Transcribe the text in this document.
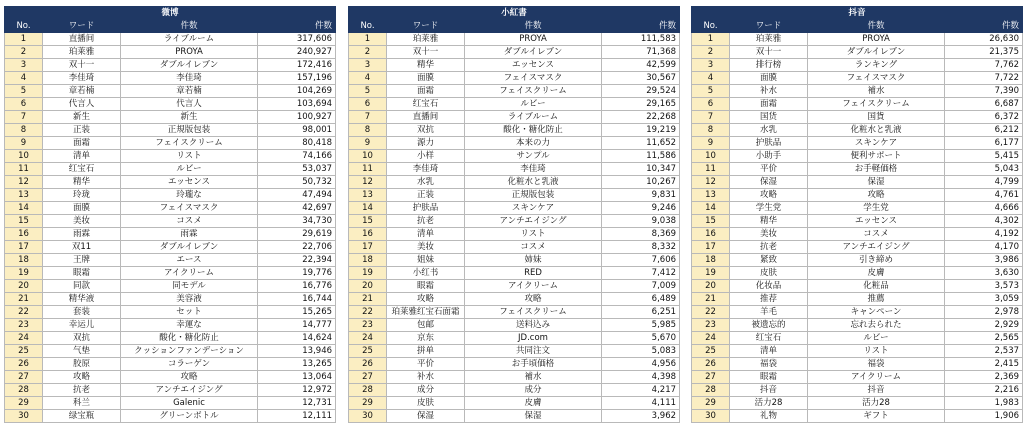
微博			
No.	ワード	件数	件数
1	直播间	ライブルーム	317,606
2	珀莱雅	PROYA	240,927
3	双十一	ダブルイレブン	172,416
4	李佳琦	李佳琦	157,196
5	章若楠	章若楠	104,269
6	代言人	代言人	103,694
7	新生	新生	100,927
8	正装	正規版包装	98,001
9	面霜	フェイスクリーム	80,418
10	清单	リスト	74,166
11	红宝石	ルビー	53,037
12	精华	エッセンス	50,732
13	玲珑	玲瓏な	47,494
14	面膜	フェイスマスク	42,697
15	美妆	コスメ	34,730
16	雨霖	雨霖	29,619
17	双11	ダブルイレブン	22,706
18	王牌	エース	22,394
19	眼霜	アイクリーム	19,776
20	同款	同モデル	16,776
21	精华液	美容液	16,744
22	套装	セット	15,265
23	幸运儿	幸運な	14,777
24	双抗	酸化・糖化防止	14,624
25	气垫	クッションファンデーション	13,946
26	胶原	コラーゲン	13,265
27	攻略	攻略	13,064
28	抗老	アンチエイジング	12,972
29	科兰	Galenic	12,731
30	绿宝瓶	グリーンボトル	12,111
小紅書			
No.	ワード	件数	件数
1	珀莱雅	PROYA	111,583
2	双十一	ダブルイレブン	71,368
3	精华	エッセンス	42,599
4	面膜	フェイスマスク	30,567
5	面霜	フェイスクリーム	29,524
6	红宝石	ルビー	29,165
7	直播间	ライブルーム	22,268
8	双抗	酸化・糖化防止	19,219
9	源力	本来の力	11,652
10	小样	サンプル	11,586
11	李佳琦	李佳琦	10,347
12	水乳	化粧水と乳液	10,267
13	正装	正規版包装	9,831
14	护肤品	スキンケア	9,246
15	抗老	アンチエイジング	9,038
16	清单	リスト	8,369
17	美妆	コスメ	8,332
18	姐妹	姉妹	7,606
19	小红书	RED	7,412
20	眼霜	アイクリーム	7,009
21	攻略	攻略	6,489
22	珀莱雅红宝石面霜	フェイスクリーム	6,251
23	包邮	送料込み	5,985
24	京东	JD.com	5,670
25	拼单	共同注文	5,083
26	平价	お手頃価格	4,956
27	补水	補水	4,398
28	成分	成分	4,217
29	皮肤	皮膚	4,111
30	保湿	保湿	3,962
抖音			
No.	ワード	件数	件数
1	珀莱雅	PROYA	26,630
2	双十一	ダブルイレブン	21,375
3	排行榜	ランキング	7,762
4	面膜	フェイスマスク	7,722
5	补水	補水	7,390
6	面霜	フェイスクリーム	6,687
7	国货	国貨	6,372
8	水乳	化粧水と乳液	6,212
9	护肤品	スキンケア	6,177
10	小助手	便利サポート	5,415
11	平价	お手軽価格	5,043
12	保湿	保湿	4,799
13	攻略	攻略	4,761
14	学生党	学生党	4,666
15	精华	エッセンス	4,302
16	美妆	コスメ	4,192
17	抗老	アンチエイジング	4,170
18	紧致	引き締め	3,986
19	皮肤	皮膚	3,630
20	化妆品	化粧品	3,573
21	推荐	推薦	3,059
22	羊毛	キャンペーン	2,978
23	被遗忘的	忘れ去られた	2,929
24	红宝石	ルビー	2,565
25	清单	リスト	2,537
26	福袋	福袋	2,415
27	眼霜	アイクリーム	2,369
28	抖音	抖音	2,216
29	活力28	活力28	1,983
30	礼物	ギフト	1,906
